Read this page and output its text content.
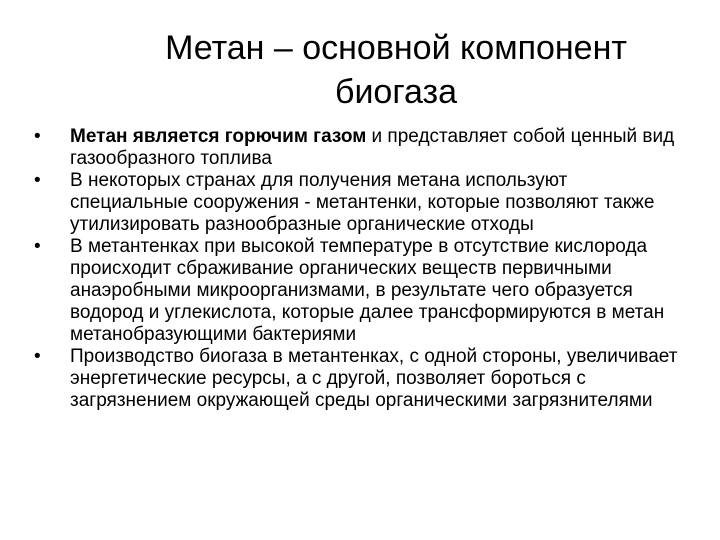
Метан – основной компонент
биогаза
• Метан является горючим газом и представляет собой ценный вид газообразного топлива
• В некоторых странах для получения метана используют специальные сооружения - метантенки, которые позволяют также утилизировать разнообразные органические отходы
• В метантенках при высокой температуре в отсутствие кислорода происходит сбраживание органических веществ первичными анаэробными микроорганизмами, в результате чего образуется водород и углекислота, которые далее трансформируются в метан метанобразующими бактериями
• Производство биогаза в метантенках, с одной стороны, увеличивает энергетические ресурсы, а с другой, позволяет бороться с загрязнением окружающей среды органическими загрязнителями
